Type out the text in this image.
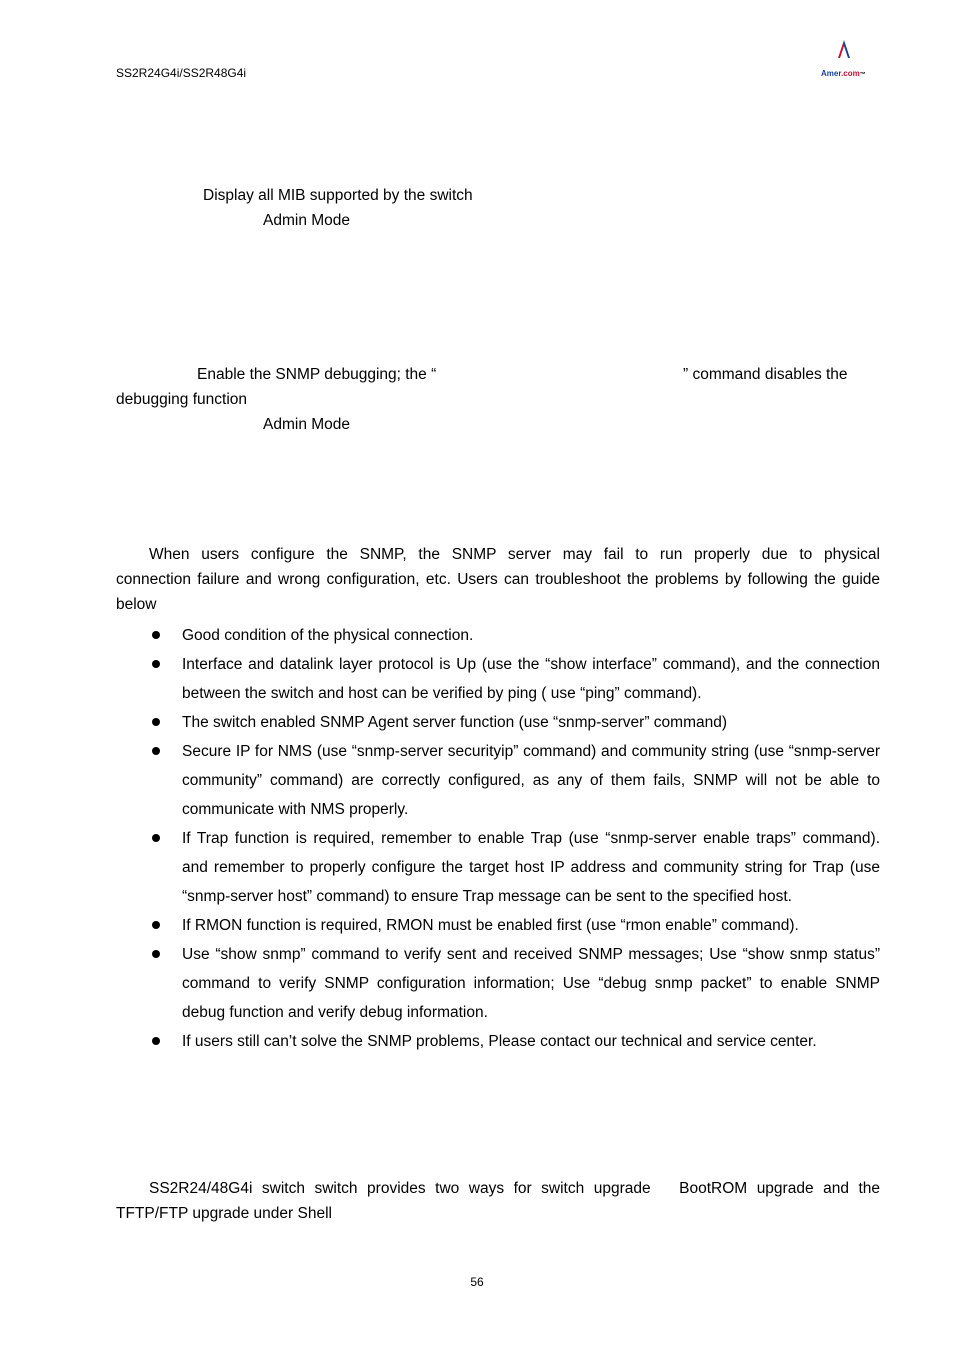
SS2R24G4i/SS2R48G4i	Amer.com™
Display all MIB supported by the switch
Admin Mode
Enable the SNMP debugging; the “	” command disables the
debugging function
Admin Mode
When users configure the SNMP, the SNMP server may fail to run properly due to physical
connection failure and wrong configuration, etc. Users can troubleshoot the problems by following the guide below
Good condition of the physical connection.
Interface and datalink layer protocol is Up (use the “show interface” command), and the connection between the switch and host can be verified by ping ( use “ping” command).
The switch enabled SNMP Agent server function (use “snmp-server” command)
Secure IP for NMS (use “snmp-server securityip” command) and community string (use “snmp-server community” command) are correctly configured, as any of them fails, SNMP will not be able to communicate with NMS properly.
If Trap function is required, remember to enable Trap (use “snmp-server enable traps” command). and remember to properly configure the target host IP address and community string for Trap (use “snmp-server host” command) to ensure Trap message can be sent to the specified host.
If RMON function is required, RMON must be enabled first (use “rmon enable” command).
Use “show snmp” command to verify sent and received SNMP messages; Use “show snmp status” command to verify SNMP configuration information; Use “debug snmp packet” to enable SNMP debug function and verify debug information.
If users still can’t solve the SNMP problems, Please contact our technical and service center.
SS2R24/48G4i switch switch provides two ways for switch upgrade   BootROM upgrade and the
TFTP/FTP upgrade under Shell
56
